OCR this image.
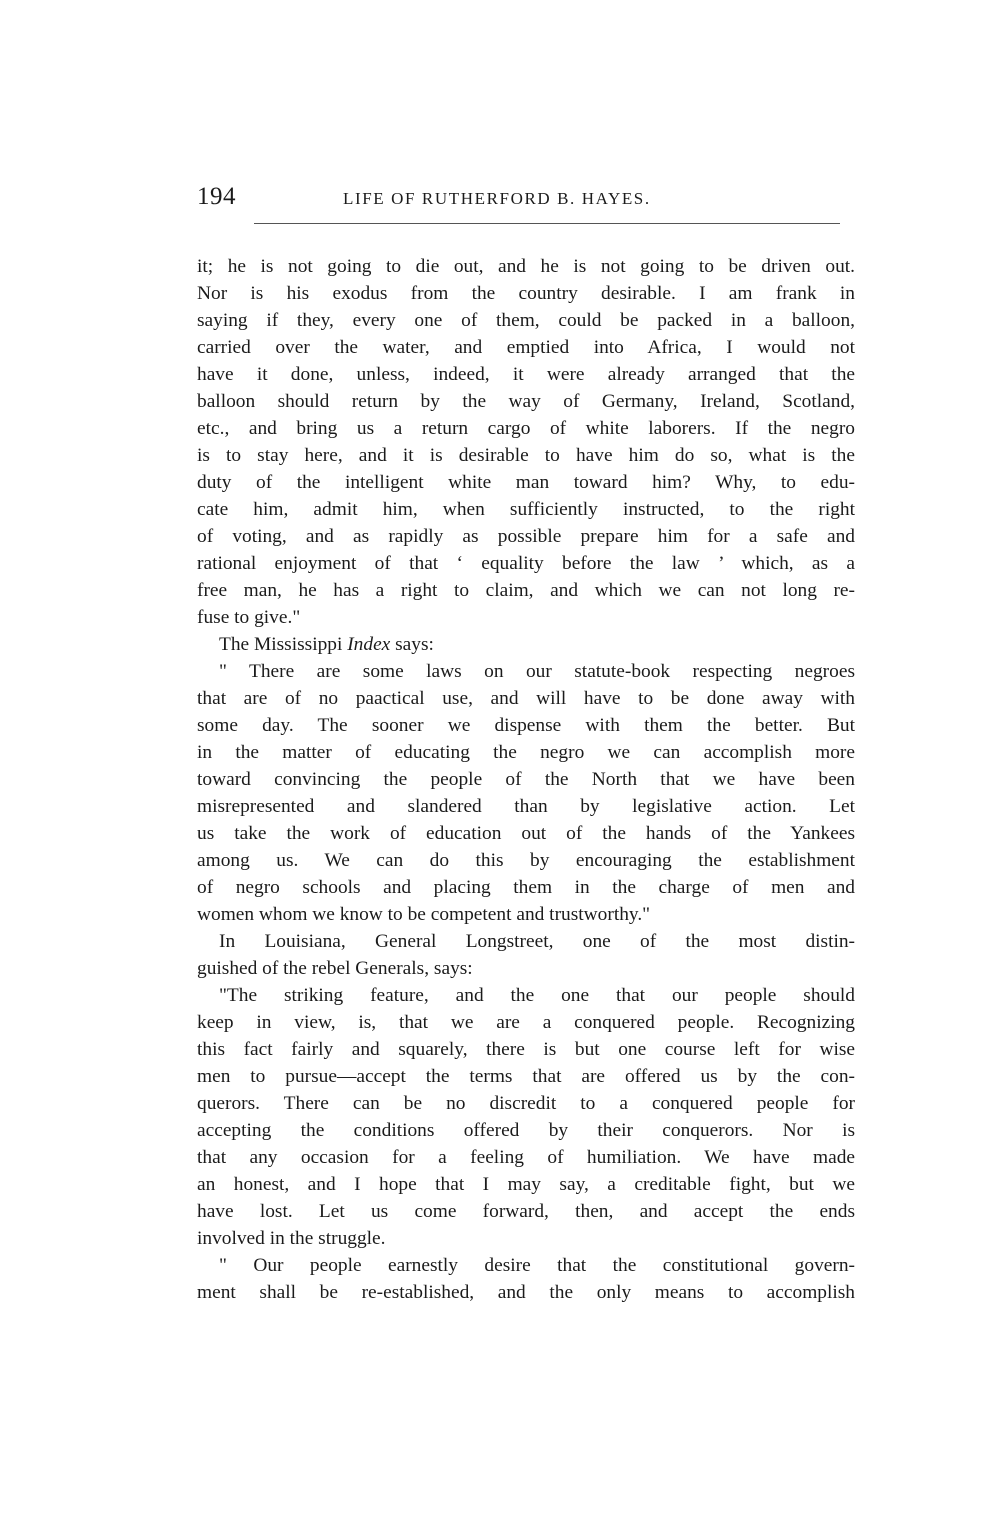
194	LIFE OF RUTHERFORD B. HAYES.
it; he is not going to die out, and he is not going to be driven out.
Nor is his exodus from the country desirable. I am frank in
saying if they, every one of them, could be packed in a balloon,
carried over the water, and emptied into Africa, I would not
have it done, unless, indeed, it were already arranged that the
balloon should return by the way of Germany, Ireland, Scotland,
etc., and bring us a return cargo of white laborers. If the negro
is to stay here, and it is desirable to have him do so, what is the
duty of the intelligent white man toward him? Why, to edu-
cate him, admit him, when sufficiently instructed, to the right
of voting, and as rapidly as possible prepare him for a safe and
rational enjoyment of that ‘ equality before the law ’ which, as a
free man, he has a right to claim, and which we can not long re-
fuse to give."
The Mississippi Index says:
" There are some laws on our statute-book respecting negroes
that are of no paactical use, and will have to be done away with
some day. The sooner we dispense with them the better. But
in the matter of educating the negro we can accomplish more
toward convincing the people of the North that we have been
misrepresented and slandered than by legislative action. Let
us take the work of education out of the hands of the Yankees
among us. We can do this by encouraging the establishment
of negro schools and placing them in the charge of men and
women whom we know to be competent and trustworthy."
In Louisiana, General Longstreet, one of the most distin-
guished of the rebel Generals, says:
"The striking feature, and the one that our people should
keep in view, is, that we are a conquered people. Recognizing
this fact fairly and squarely, there is but one course left for wise
men to pursue—accept the terms that are offered us by the con-
querors. There can be no discredit to a conquered people for
accepting the conditions offered by their conquerors. Nor is
that any occasion for a feeling of humiliation. We have made
an honest, and I hope that I may say, a creditable fight, but we
have lost. Let us come forward, then, and accept the ends
involved in the struggle.
" Our people earnestly desire that the constitutional govern-
ment shall be re-established, and the only means to accomplish
